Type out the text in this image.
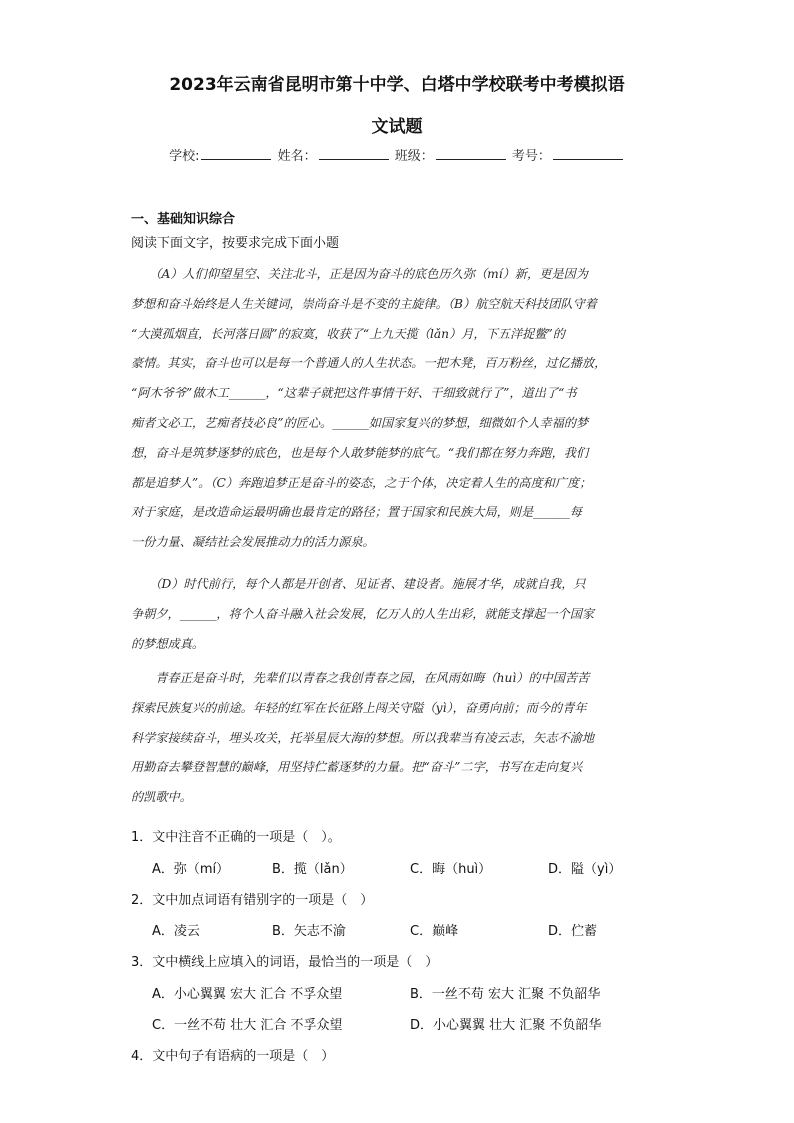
2023年云南省昆明市第十中学、白塔中学校联考中考模拟语
文试题
学校:	姓名：	班级：	考号：
一、基础知识综合
阅读下面文字，按要求完成下面小题
　　（A）人们仰望星空、关注北斗，正是因为奋斗的底色历久弥（mí）新，更是因为
梦想和奋斗始终是人生关键词，崇尚奋斗是不变的主旋律。（B）航空航天科技团队守着
“大漠孤烟直，长河落日圆”的寂寞，收获了“上九天揽（lǎn）月，下五洋捉鳖”的
豪情。其实，奋斗也可以是每一个普通人的人生状态。一把木凳，百万粉丝，过亿播放，
“阿木爷爷”做木工______，“这辈子就把这件事情干好、干细致就行了”，道出了“书
痴者文必工，艺痴者技必良”的匠心。______如国家复兴的梦想，细微如个人幸福的梦
想，奋斗是筑梦逐梦的底色，也是每个人敢梦能梦的底气。“我们都在努力奔跑，我们
都是追梦人”。（C）奔跑追梦正是奋斗的姿态，之于个体，决定着人生的高度和广度；
对于家庭，是改造命运最明确也最肯定的路径；置于国家和民族大局，则是______每
一份力量、凝结社会发展推动力的活力源泉。
　　（D）时代前行，每个人都是开创者、见证者、建设者。施展才华，成就自我，只
争朝夕，______，将个人奋斗融入社会发展，亿万人的人生出彩，就能支撑起一个国家
的梦想成真。
　　青春正是奋斗时，先辈们以青春之我创青春之园，在风雨如晦（huì）的中国苦苦
探索民族复兴的前途。年轻的红军在长征路上闯关守隘（yì），奋勇向前；而今的青年
科学家接续奋斗，埋头攻关，托举星辰大海的梦想。所以我辈当有凌云志，矢志不渝地
用勤奋去攀登智慧的巅峰，用坚持伫蓄逐梦的力量。把“奋斗”二字，书写在走向复兴
的凯歌中。
1．文中注音不正确的一项是（　）。
A．弥（mí）	B．揽（lǎn）	C．晦（huì）	D．隘（yì）
2．文中加点词语有错别字的一项是（　）
A．凌云	B．矢志不渝	C．巅峰	D．伫蓄
3．文中横线上应填入的词语，最恰当的一项是（　）
A．小心翼翼 宏大 汇合 不孚众望	B．一丝不苟 宏大 汇聚 不负韶华
C．一丝不苟 壮大 汇合 不孚众望	D．小心翼翼 壮大 汇聚 不负韶华
4．文中句子有语病的一项是（　）
